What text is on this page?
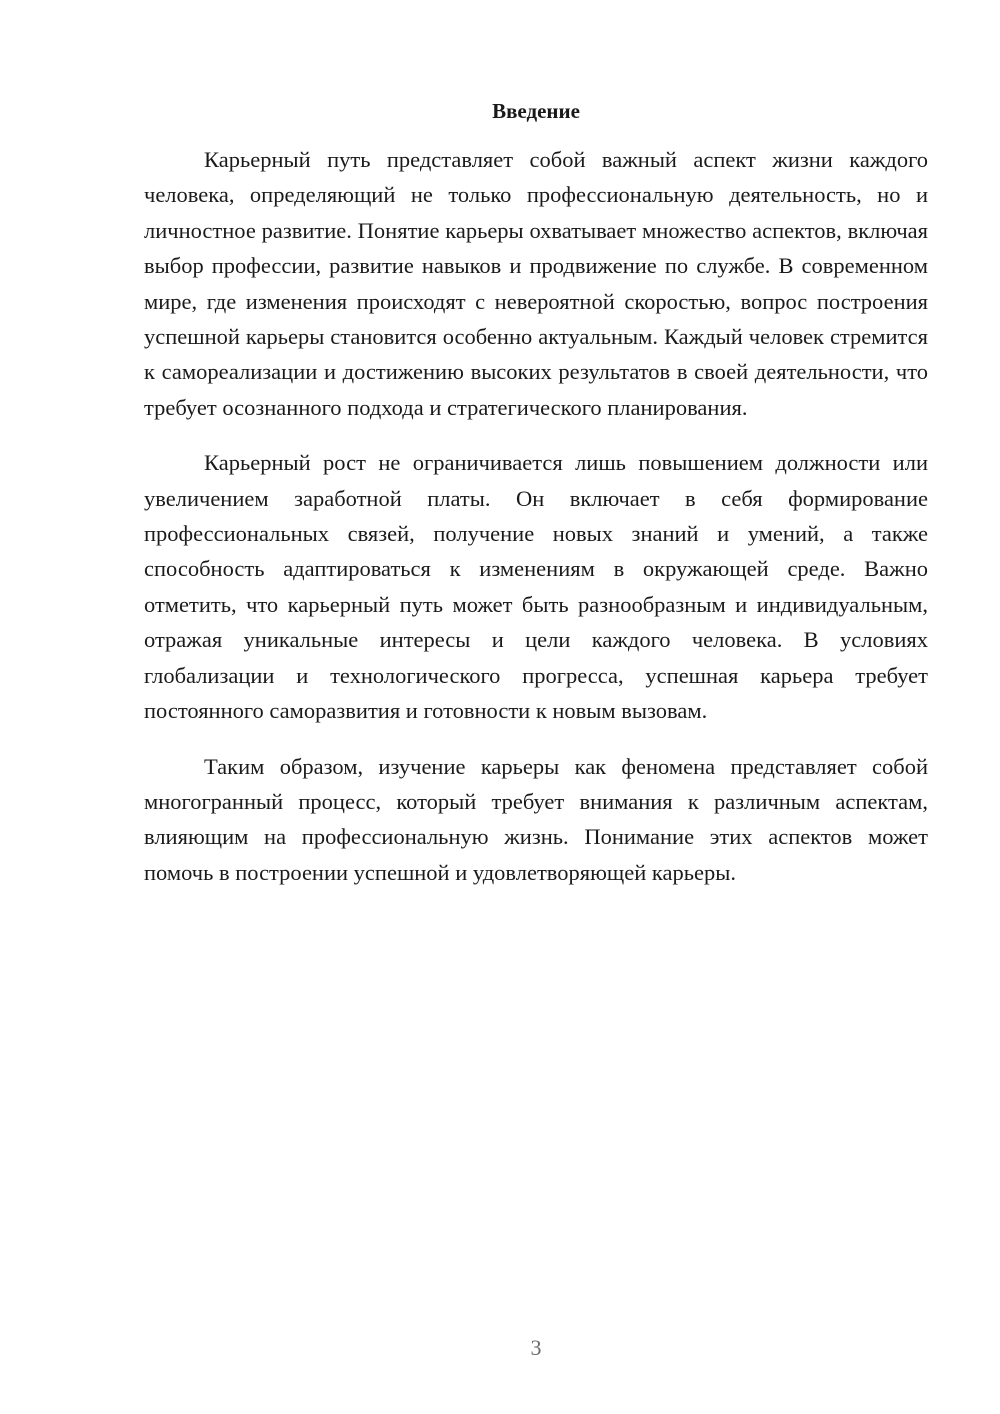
Введение

Карьерный путь представляет собой важный аспект жизни каждого человека, определяющий не только профессиональную деятельность, но и личностное развитие. Понятие карьеры охватывает множество аспектов, включая выбор профессии, развитие навыков и продвижение по службе. В современном мире, где изменения происходят с невероятной скоростью, вопрос построения успешной карьеры становится особенно актуальным. Каждый человек стремится к самореализации и достижению высоких результатов в своей деятельности, что требует осознанного подхода и стратегического планирования.

Карьерный рост не ограничивается лишь повышением должности или увеличением заработной платы. Он включает в себя формирование профессиональных связей, получение новых знаний и умений, а также способность адаптироваться к изменениям в окружающей среде. Важно отметить, что карьерный путь может быть разнообразным и индивидуальным, отражая уникальные интересы и цели каждого человека. В условиях глобализации и технологического прогресса, успешная карьера требует постоянного саморазвития и готовности к новым вызовам.

Таким образом, изучение карьеры как феномена представляет собой многогранный процесс, который требует внимания к различным аспектам, влияющим на профессиональную жизнь. Понимание этих аспектов может помочь в построении успешной и удовлетворяющей карьеры.

3
